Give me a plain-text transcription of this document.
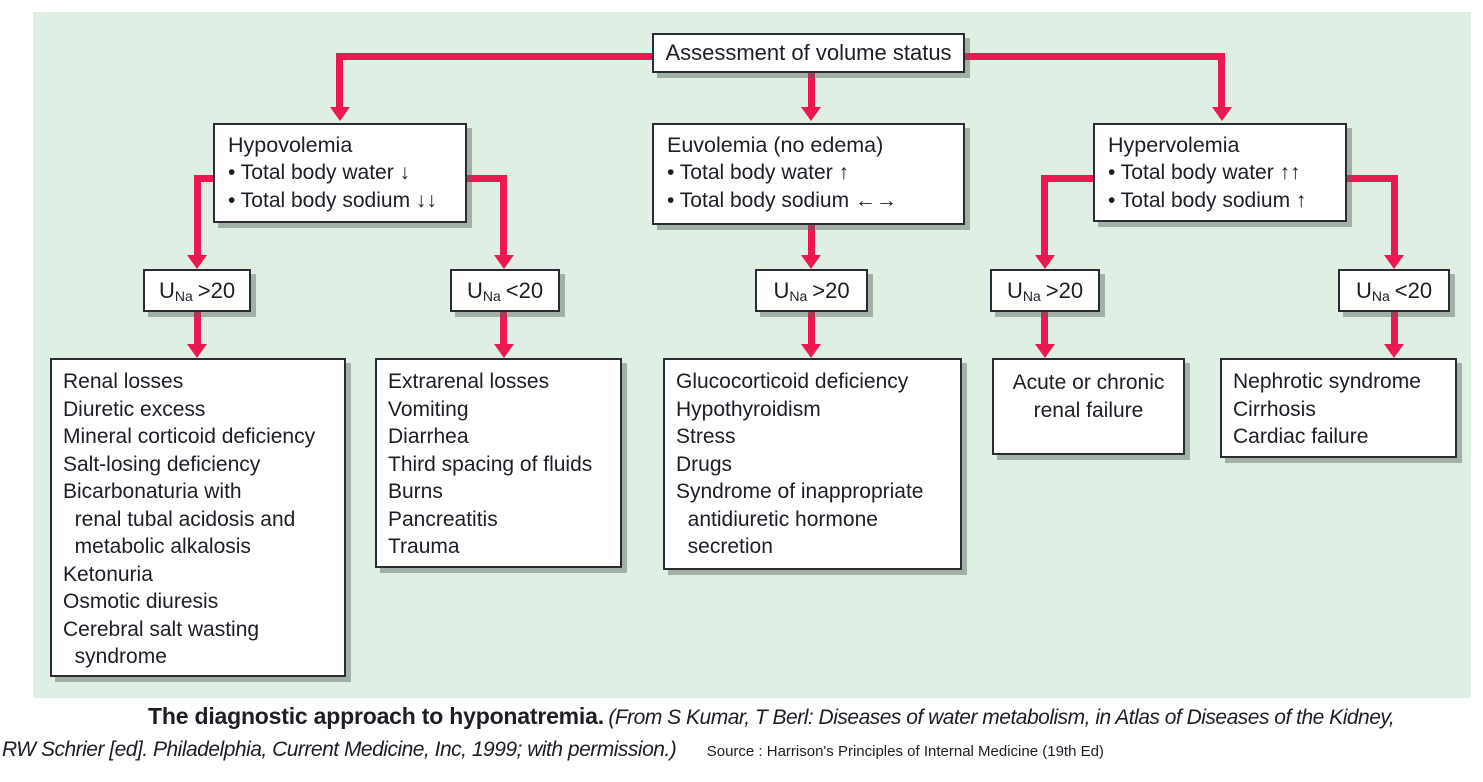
Assessment of volume status
Hypovolemia
• Total body water ↓
• Total body sodium ↓↓
Euvolemia (no edema)
• Total body water ↑
• Total body sodium ←→
Hypervolemia
• Total body water ↑↑
• Total body sodium ↑
U Na >20	U Na <20	U Na >20	U Na >20	U Na <20
Renal losses
Diuretic excess
Mineral corticoid deficiency
Salt-losing deficiency
Bicarbonaturia with
renal tubal acidosis and
metabolic alkalosis
Ketonuria
Osmotic diuresis
Cerebral salt wasting
syndrome
Extrarenal losses
Vomiting
Diarrhea
Third spacing of fluids
Burns
Pancreatitis
Trauma
Glucocorticoid deficiency
Hypothyroidism
Stress
Drugs
Syndrome of inappropriate
antidiuretic hormone
secretion
Acute or chronic
renal failure
Nephrotic syndrome
Cirrhosis
Cardiac failure
The diagnostic approach to hyponatremia. (From S Kumar, T Berl: Diseases of water metabolism, in Atlas of Diseases of the Kidney,
RW Schrier [ed]. Philadelphia, Current Medicine, Inc, 1999; with permission.) Source : Harrison's Principles of Internal Medicine (19th Ed)
